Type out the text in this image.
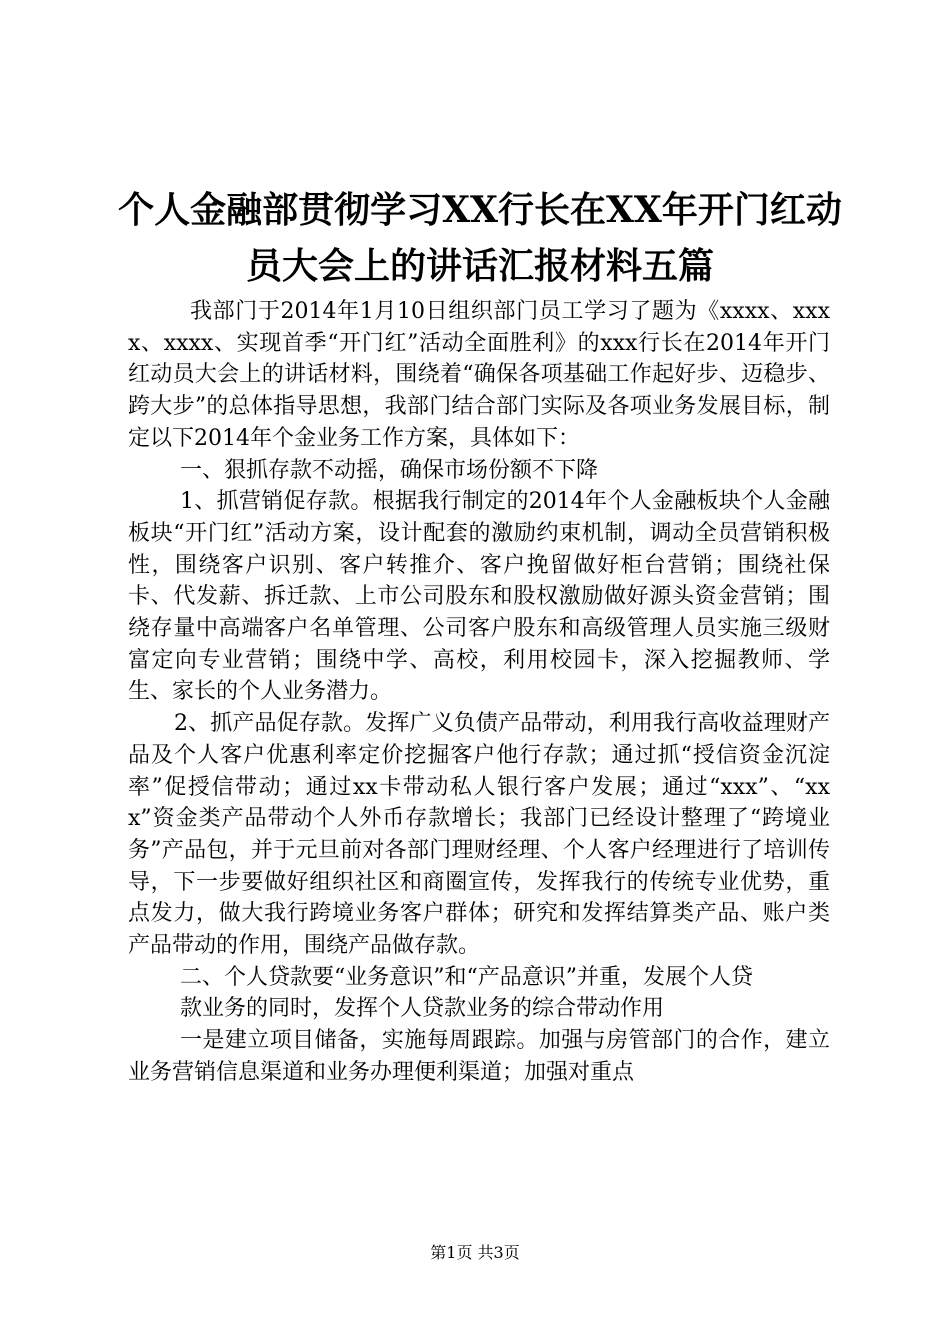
个人金融部贯彻学习XX行长在XX年开门红动
员大会上的讲话汇报材料五篇

我部门于2014年1月10日组织部门员工学习了题为《xxxx、xxxx、xxxx、实现首季“开门红”活动全面胜利》的xxx行长在2014年开门红动员大会上的讲话材料，围绕着“确保各项基础工作起好步、迈稳步、跨大步”的总体指导思想，我部门结合部门实际及各项业务发展目标，制定以下2014年个金业务工作方案，具体如下：

一、狠抓存款不动摇，确保市场份额不下降

1、抓营销促存款。根据我行制定的2014年个人金融板块个人金融板块“开门红”活动方案，设计配套的激励约束机制，调动全员营销积极性，围绕客户识别、客户转推介、客户挽留做好柜台营销；围绕社保卡、代发薪、拆迁款、上市公司股东和股权激励做好源头资金营销；围绕存量中高端客户名单管理、公司客户股东和高级管理人员实施三级财富定向专业营销；围绕中学、高校，利用校园卡，深入挖掘教师、学生、家长的个人业务潜力。

2、抓产品促存款。发挥广义负债产品带动，利用我行高收益理财产品及个人客户优惠利率定价挖掘客户他行存款；通过抓“授信资金沉淀率”促授信带动；通过xx卡带动私人银行客户发展；通过“xxx”、“xxx”资金类产品带动个人外币存款增长；我部门已经设计整理了“跨境业务”产品包，并于元旦前对各部门理财经理、个人客户经理进行了培训传导，下一步要做好组织社区和商圈宣传，发挥我行的传统专业优势，重点发力，做大我行跨境业务客户群体；研究和发挥结算类产品、账户类产品带动的作用，围绕产品做存款。

二、个人贷款要“业务意识”和“产品意识”并重，发展个人贷

款业务的同时，发挥个人贷款业务的综合带动作用

一是建立项目储备，实施每周跟踪。加强与房管部门的合作，建立业务营销信息渠道和业务办理便利渠道；加强对重点

第1页 共3页
